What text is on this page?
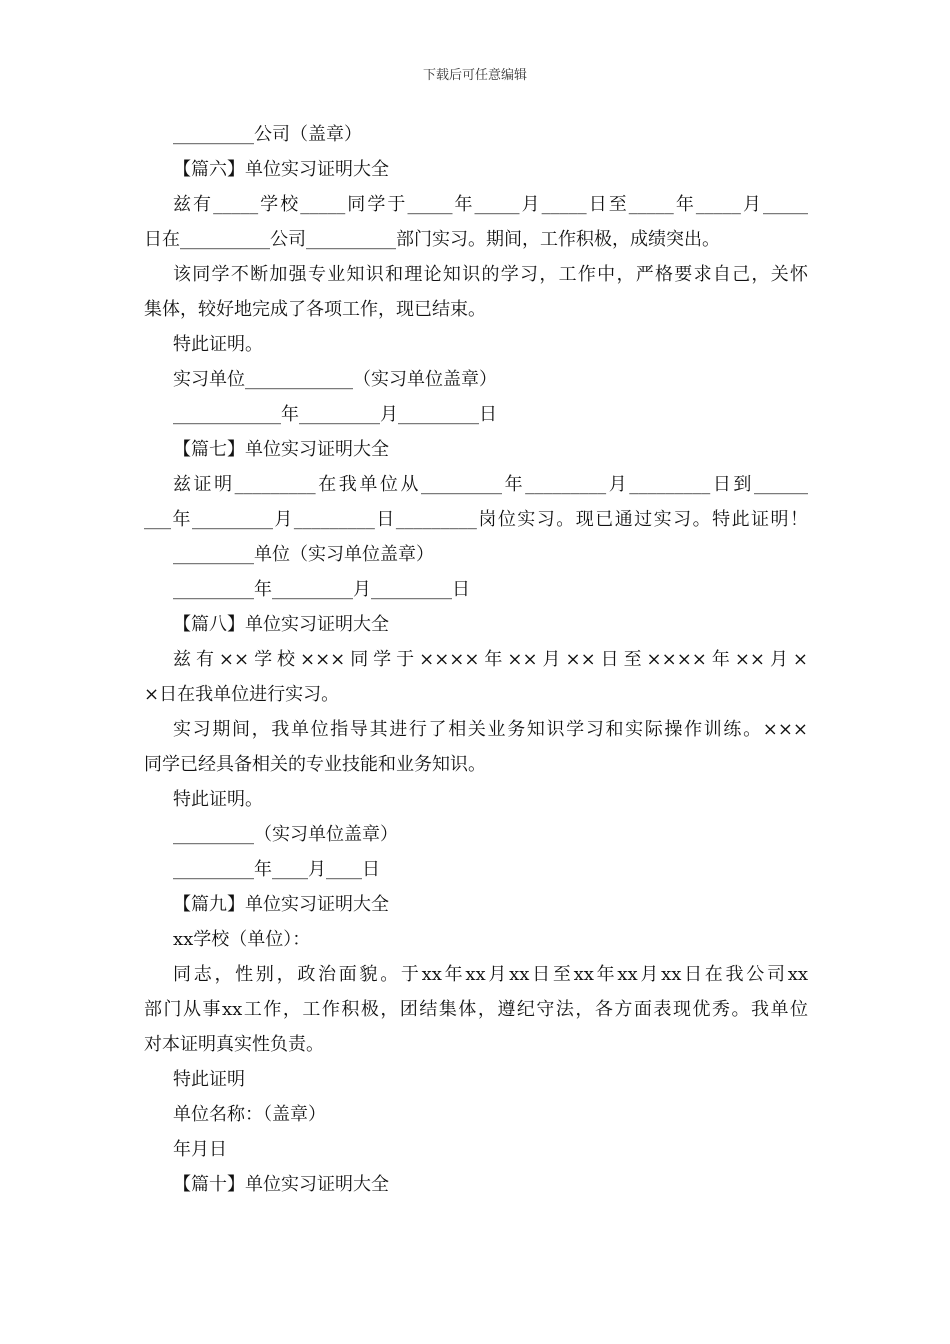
下载后可任意编辑
_________公司（盖章）
【篇六】单位实习证明大全
兹有_____学校_____同学于_____年_____月_____日至_____年_____月_____
日在__________公司__________部门实习。期间，工作积极，成绩突出。
该同学不断加强专业知识和理论知识的学习，工作中，严格要求自己，关怀
集体，较好地完成了各项工作，现已结束。
特此证明。
实习单位____________（实习单位盖章）
____________年_________月_________日
【篇七】单位实习证明大全
兹证明_________在我单位从_________年_________月_________日到______
___年_________月_________日_________岗位实习。现已通过实习。特此证明！
_________单位（实习单位盖章）
_________年_________月_________日
【篇八】单位实习证明大全
兹有××学校×××同学于××××年××月××日至××××年××月×
×日在我单位进行实习。
实习期间，我单位指导其进行了相关业务知识学习和实际操作训练。×××
同学已经具备相关的专业技能和业务知识。
特此证明。
_________（实习单位盖章）
_________年____月____日
【篇九】单位实习证明大全
xx学校（单位）：
同志，性别，政治面貌。于xx年xx月xx日至xx年xx月xx日在我公司xx
部门从事xx工作，工作积极，团结集体，遵纪守法，各方面表现优秀。我单位
对本证明真实性负责。
特此证明
单位名称：（盖章）
年月日
【篇十】单位实习证明大全
